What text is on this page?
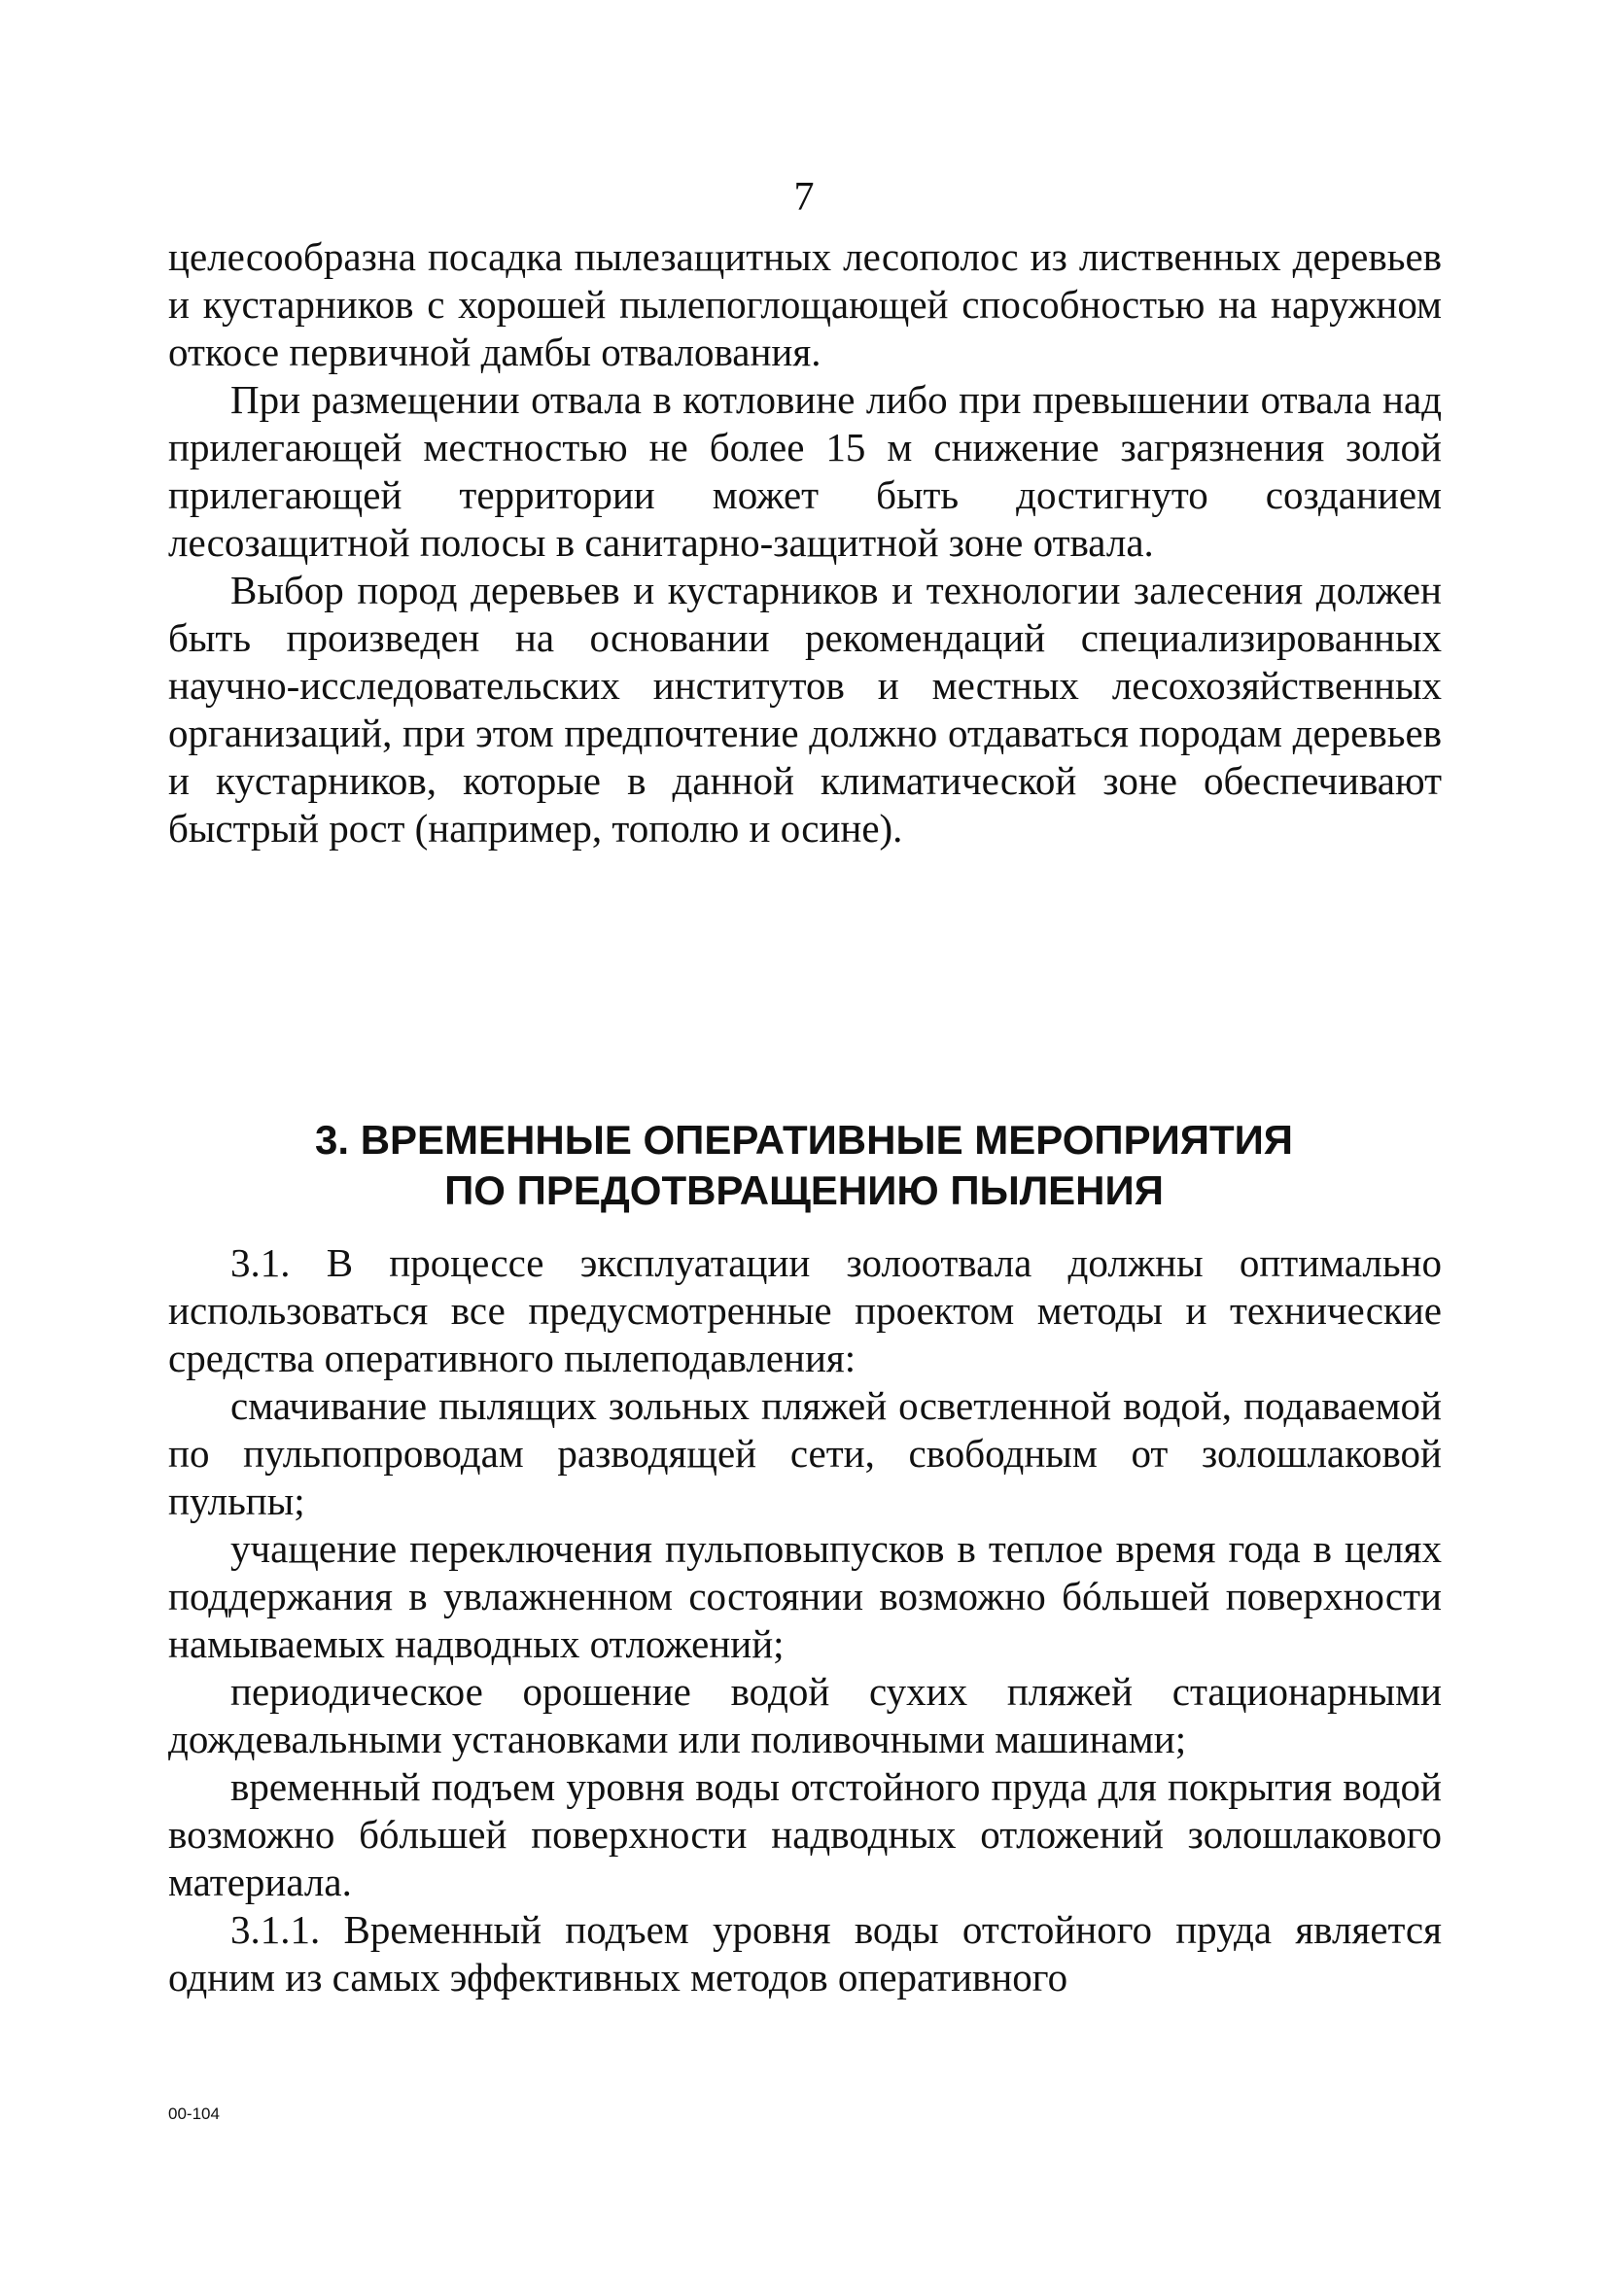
7

целесообразна посадка пылезащитных лесополос из лиственных деревьев и кустарников с хорошей пылепоглощающей способностью на наружном откосе первичной дамбы отвалования.

При размещении отвала в котловине либо при превышении отвала над прилегающей местностью не более 15 м снижение загрязнения золой прилегающей территории может быть достигнуто созданием лесозащитной полосы в санитарно-защитной зоне отвала.

Выбор пород деревьев и кустарников и технологии залесения должен быть произведен на основании рекомендаций специализированных научно-исследовательских институтов и местных лесохозяйственных организаций, при этом предпочтение должно отдаваться породам деревьев и кустарников, которые в данной климатической зоне обеспечивают быстрый рост (например, тополю и осине).

3. ВРЕМЕННЫЕ ОПЕРАТИВНЫЕ МЕРОПРИЯТИЯ
ПО ПРЕДОТВРАЩЕНИЮ ПЫЛЕНИЯ

3.1. В процессе эксплуатации золоотвала должны оптимально использоваться все предусмотренные проектом методы и технические средства оперативного пылеподавления:

смачивание пылящих зольных пляжей осветленной водой, подаваемой по пульпопроводам разводящей сети, свободным от золошлаковой пульпы;

учащение переключения пульповыпусков в теплое время года в целях поддержания в увлажненном состоянии возможно бóльшей поверхности намываемых надводных отложений;

периодическое орошение водой сухих пляжей стационарными дождевальными установками или поливочными машинами;

временный подъем уровня воды отстойного пруда для покрытия водой возможно бóльшей поверхности надводных отложений золошлакового материала.

3.1.1. Временный подъем уровня воды отстойного пруда является одним из самых эффективных методов оперативного

00-104
